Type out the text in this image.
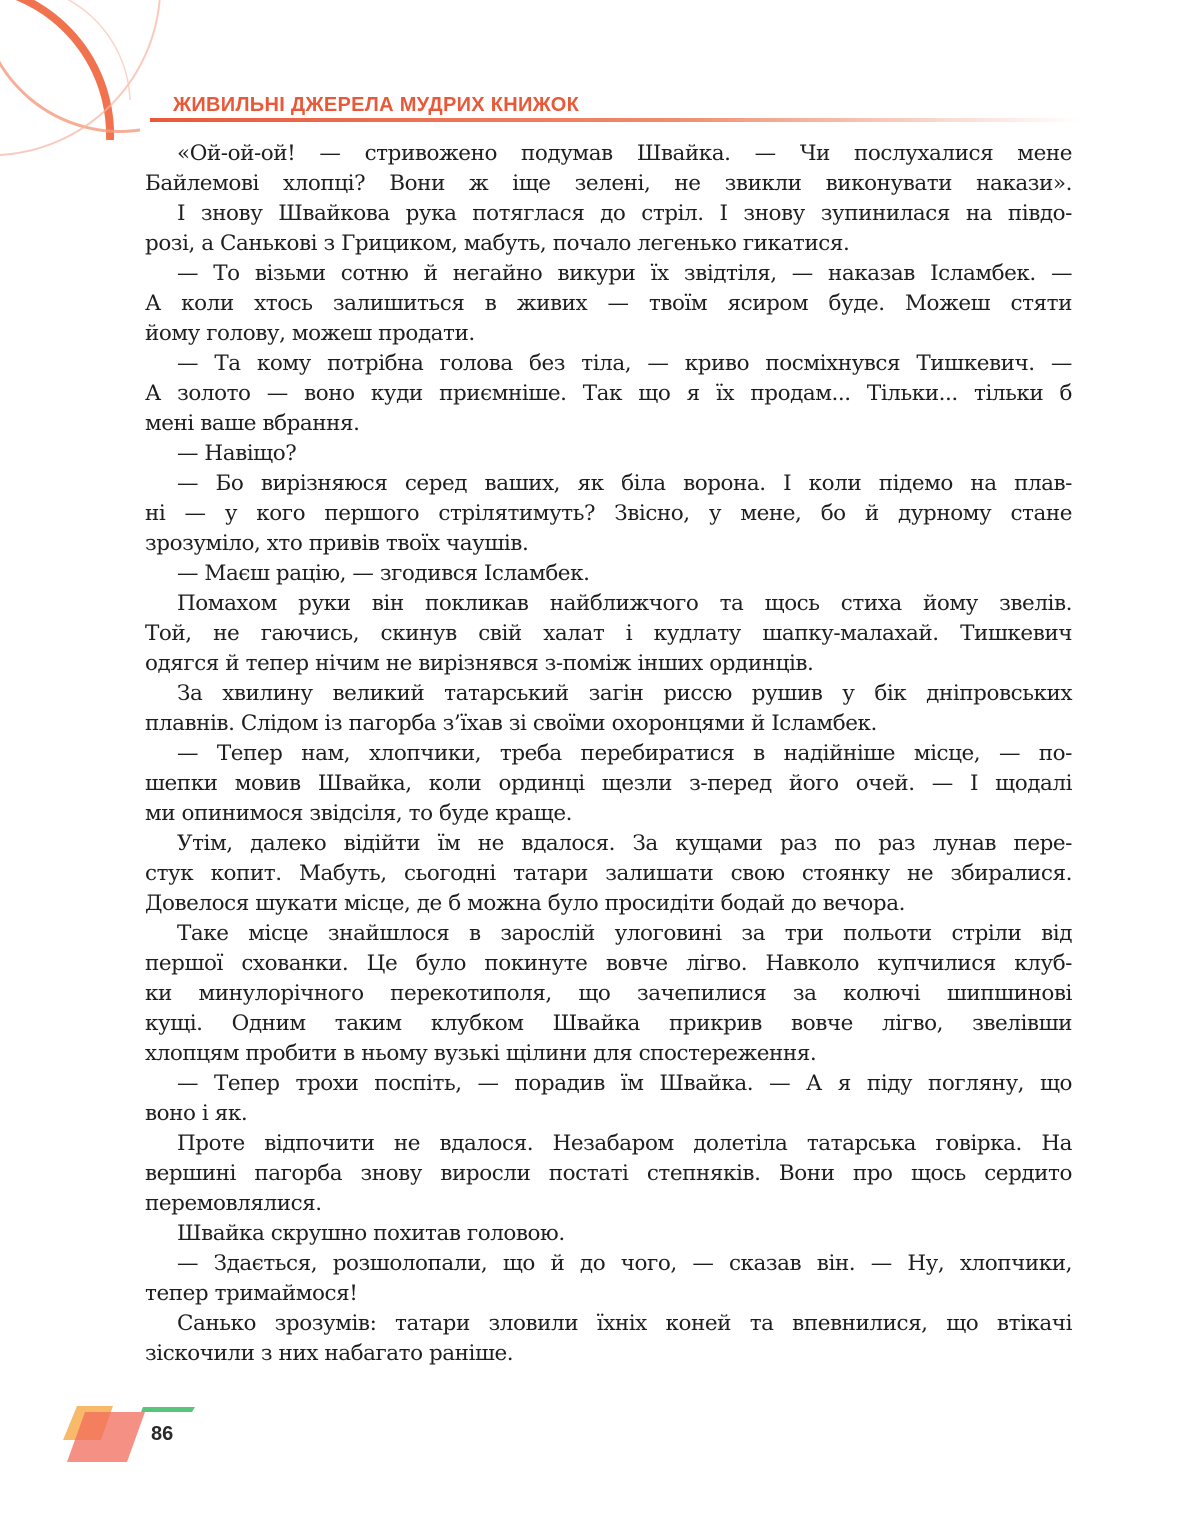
ЖИВИЛЬНІ ДЖЕРЕЛА МУДРИХ КНИЖОК
«Ой-ой-ой! — стривожено подумав Швайка. — Чи послухалися мене
Байлемові хлопці? Вони ж іще зелені, не звикли виконувати накази».
І знову Швайкова рука потяглася до стріл. І знову зупинилася на півдо-
розі, а Санькові з Грициком, мабуть, почало легенько гикатися.
— То візьми сотню й негайно викури їх звідтіля, — наказав Ісламбек. —
А коли хтось залишиться в живих — твоїм ясиром буде. Можеш стяти
йому голову, можеш продати.
— Та кому потрібна голова без тіла, — криво посміхнувся Тишкевич. —
А золото — воно куди приємніше. Так що я їх продам... Тільки... тільки б
мені ваше вбрання.
— Навіщо?
— Бо вирізняюся серед ваших, як біла ворона. І коли підемо на плав-
ні — у кого першого стрілятимуть? Звісно, у мене, бо й дурному стане
зрозуміло, хто привів твоїх чаушів.
— Маєш рацію, — згодився Ісламбек.
Помахом руки він покликав найближчого та щось стиха йому звелів.
Той, не гаючись, скинув свій халат і кудлату шапку-малахай. Тишкевич
одягся й тепер нічим не вирізнявся з-поміж інших ординців.
За хвилину великий татарський загін риссю рушив у бік дніпровських
плавнів. Слідом із пагорба з’їхав зі своїми охоронцями й Ісламбек.
— Тепер нам, хлопчики, треба перебиратися в надійніше місце, — по-
шепки мовив Швайка, коли ординці щезли з-перед його очей. — І щодалі
ми опинимося звідсіля, то буде краще.
Утім, далеко відійти їм не вдалося. За кущами раз по раз лунав пере-
стук копит. Мабуть, сьогодні татари залишати свою стоянку не збиралися.
Довелося шукати місце, де б можна було просидіти бодай до вечора.
Таке місце знайшлося в зарослій улоговині за три польоти стріли від
першої схованки. Це було покинуте вовче лігво. Навколо купчилися клуб-
ки минулорічного перекотиполя, що зачепилися за колючі шипшинові
кущі. Одним таким клубком Швайка прикрив вовче лігво, звелівши
хлопцям пробити в ньому вузькі щілини для спостереження.
— Тепер трохи поспіть, — порадив їм Швайка. — А я піду погляну, що
воно і як.
Проте відпочити не вдалося. Незабаром долетіла татарська говірка. На
вершині пагорба знову виросли постаті степняків. Вони про щось сердито
перемовлялися.
Швайка скрушно похитав головою.
— Здається, розшолопали, що й до чого, — сказав він. — Ну, хлопчики,
тепер тримаймося!
Санько зрозумів: татари зловили їхніх коней та впевнилися, що втікачі
зіскочили з них набагато раніше.
86
